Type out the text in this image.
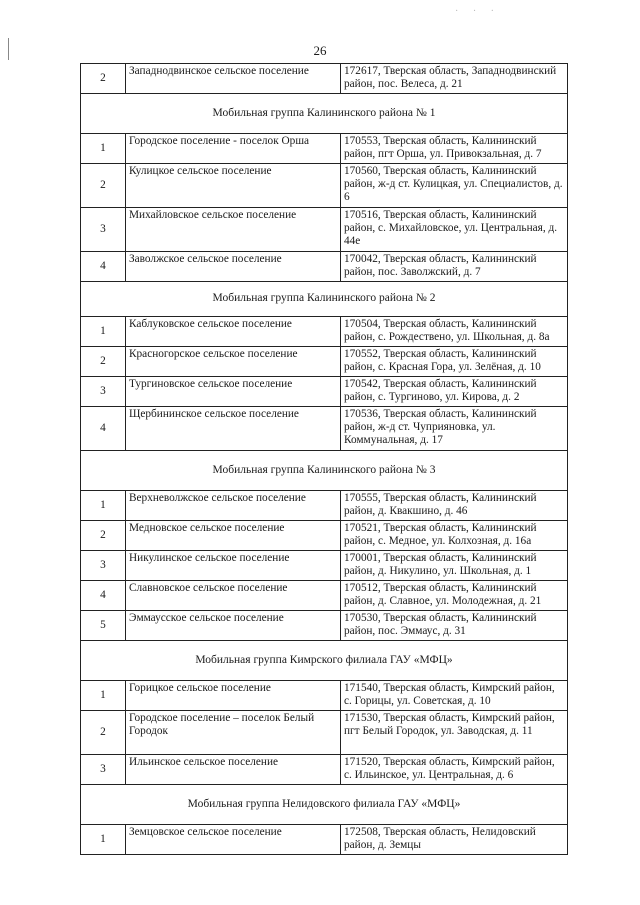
· · ·
26
2	Западнодвинское сельское поселение	172617, Тверская область, Западнодвинский район, пос. Велеса, д. 21
Мобильная группа Калининского района № 1		
1	Городское поселение - поселок Орша	170553, Тверская область, Калининский район, пгт Орша, ул. Привокзальная, д. 7
2	Кулицкое сельское поселение	170560, Тверская область, Калининский район, ж-д ст. Кулицкая, ул. Специалистов, д. 6
3	Михайловское сельское поселение	170516, Тверская область, Калининский район, с. Михайловское, ул. Центральная, д. 44е
4	Заволжское сельское поселение	170042, Тверская область, Калининский район, пос. Заволжский, д. 7
Мобильная группа Калининского района № 2		
1	Каблуковское сельское поселение	170504, Тверская область, Калининский район, с. Рождествено, ул. Школьная, д. 8а
2	Красногорское сельское поселение	170552, Тверская область, Калининский район, с. Красная Гора, ул. Зелёная, д. 10
3	Тургиновское сельское поселение	170542, Тверская область, Калининский район, с. Тургиново, ул. Кирова, д. 2
4	Щербининское сельское поселение	170536, Тверская область, Калининский район, ж-д ст. Чуприяновка, ул. Коммунальная, д. 17
Мобильная группа Калининского района № 3		
1	Верхневолжское сельское поселение	170555, Тверская область, Калининский район, д. Квакшино, д. 46
2	Медновское сельское поселение	170521, Тверская область, Калининский район, с. Медное, ул. Колхозная, д. 16а
3	Никулинское сельское поселение	170001, Тверская область, Калининский район, д. Никулино, ул. Школьная, д. 1
4	Славновское сельское поселение	170512, Тверская область, Калининский район, д. Славное, ул. Молодежная, д. 21
5	Эммаусское сельское поселение	170530, Тверская область, Калининский район, пос. Эммаус, д. 31
Мобильная группа Кимрского филиала ГАУ «МФЦ»		
1	Горицкое сельское поселение	171540, Тверская область, Кимрский район, с. Горицы, ул. Советская, д. 10
2	Городское поселение – поселок Белый Городок	171530, Тверская область, Кимрский район, пгт Белый Городок, ул. Заводская, д. 11
3	Ильинское сельское поселение	171520, Тверская область, Кимрский район, с. Ильинское, ул. Центральная, д. 6
Мобильная группа Нелидовского филиала ГАУ «МФЦ»		
1	Земцовское сельское поселение	172508, Тверская область, Нелидовский район, д. Земцы
